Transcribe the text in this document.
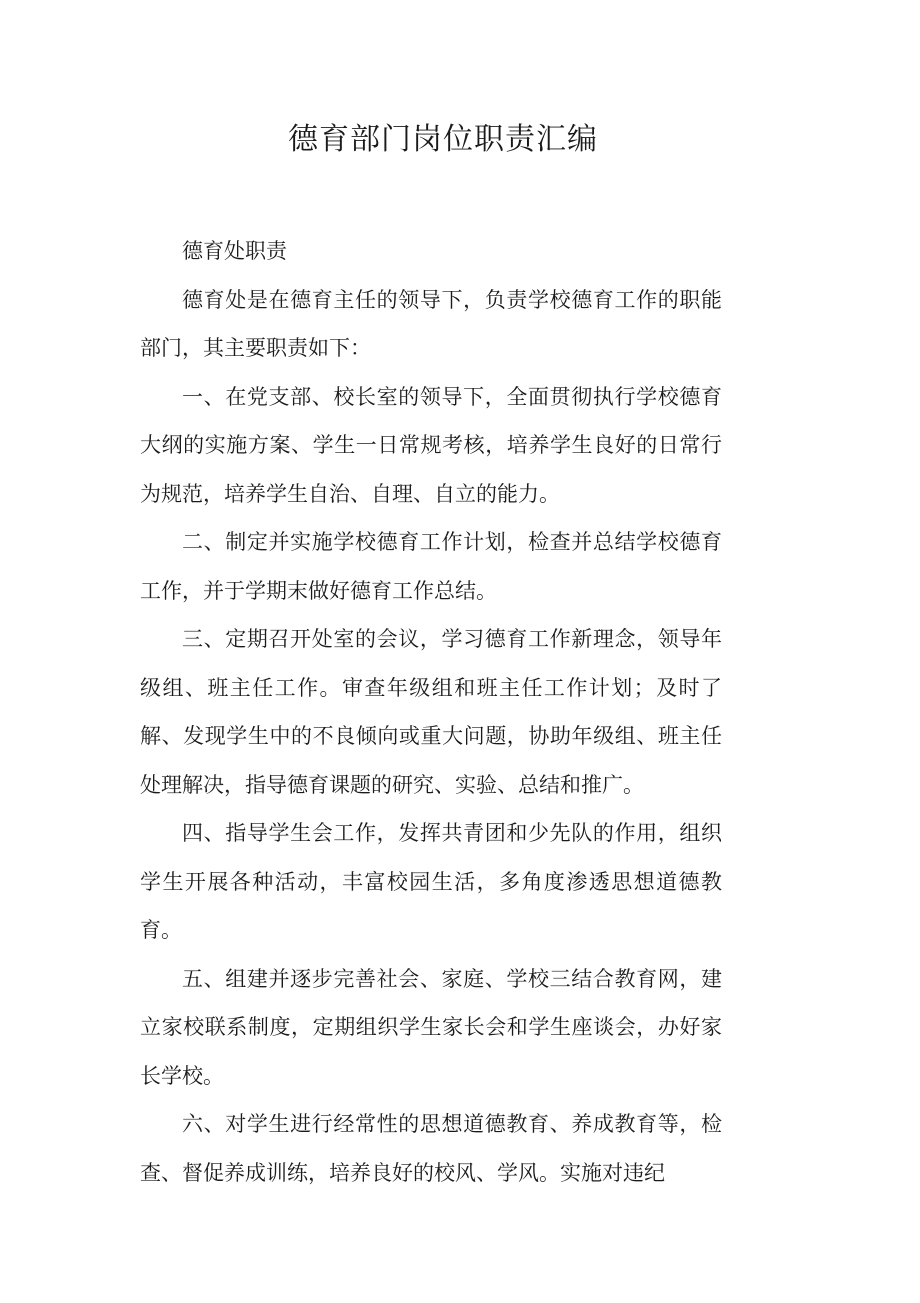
德育部门岗位职责汇编

德育处职责

德育处是在德育主任的领导下，负责学校德育工作的职能部门，其主要职责如下：

一、在党支部、校长室的领导下，全面贯彻执行学校德育大纲的实施方案、学生一日常规考核，培养学生良好的日常行为规范，培养学生自治、自理、自立的能力。

二、制定并实施学校德育工作计划，检查并总结学校德育工作，并于学期末做好德育工作总结。

三、定期召开处室的会议，学习德育工作新理念，领导年级组、班主任工作。审查年级组和班主任工作计划；及时了解、发现学生中的不良倾向或重大问题，协助年级组、班主任处理解决，指导德育课题的研究、实验、总结和推广。

四、指导学生会工作，发挥共青团和少先队的作用，组织学生开展各种活动，丰富校园生活，多角度渗透思想道德教育。

五、组建并逐步完善社会、家庭、学校三结合教育网，建立家校联系制度，定期组织学生家长会和学生座谈会，办好家长学校。

六、对学生进行经常性的思想道德教育、养成教育等，检查、督促养成训练，培养良好的校风、学风。实施对违纪
